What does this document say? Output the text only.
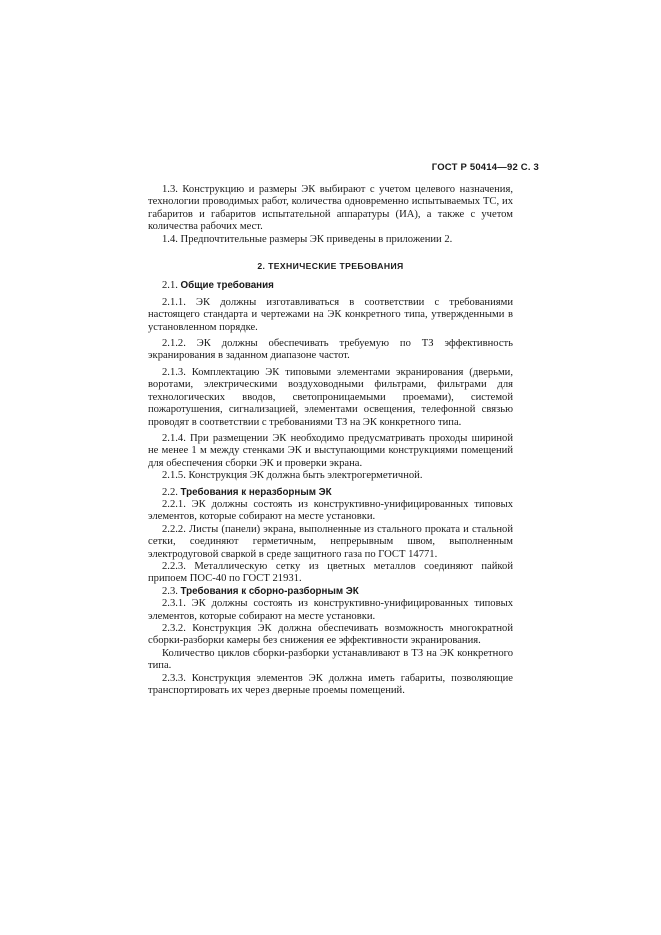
ГОСТ Р 50414—92 С. 3

1.3. Конструкцию и размеры ЭК выбирают с учетом целевого назначения, технологии проводимых работ, количества одновременно испытываемых ТС, их габаритов и габаритов испытательной аппаратуры (ИА), а также с учетом количества рабочих мест.

1.4. Предпочтительные размеры ЭК приведены в приложении 2.

2. ТЕХНИЧЕСКИЕ ТРЕБОВАНИЯ

2.1. Общие требования

2.1.1. ЭК должны изготавливаться в соответствии с требованиями настоящего стандарта и чертежами на ЭК конкретного типа, утвержденными в установленном порядке.

2.1.2. ЭК должны обеспечивать требуемую по ТЗ эффективность экранирования в заданном диапазоне частот.

2.1.3. Комплектацию ЭК типовыми элементами экранирования (дверьми, воротами, электрическими воздуховодными фильтрами, фильтрами для технологических вводов, светопроницаемыми проемами), системой пожаротушения, сигнализацией, элементами освещения, телефонной связью проводят в соответствии с требованиями ТЗ на ЭК конкретного типа.

2.1.4. При размещении ЭК необходимо предусматривать проходы шириной не менее 1 м между стенками ЭК и выступающими конструкциями помещений для обеспечения сборки ЭК и проверки экрана.

2.1.5. Конструкция ЭК должна быть электрогерметичной.

2.2. Требования к неразборным ЭК

2.2.1. ЭК должны состоять из конструктивно-унифицированных типовых элементов, которые собирают на месте установки.

2.2.2. Листы (панели) экрана, выполненные из стального проката и стальной сетки, соединяют герметичным, непрерывным швом, выполненным электродуговой сваркой в среде защитного газа по ГОСТ 14771.

2.2.3. Металлическую сетку из цветных металлов соединяют пайкой припоем ПОС-40 по ГОСТ 21931.

2.3. Требования к сборно-разборным ЭК

2.3.1. ЭК должны состоять из конструктивно-унифицированных типовых элементов, которые собирают на месте установки.

2.3.2. Конструкция ЭК должна обеспечивать возможность многократной сборки-разборки камеры без снижения ее эффективности экранирования.

Количество циклов сборки-разборки устанавливают в ТЗ на ЭК конкретного типа.

2.3.3. Конструкция элементов ЭК должна иметь габариты, позволяющие транспортировать их через дверные проемы помещений.
